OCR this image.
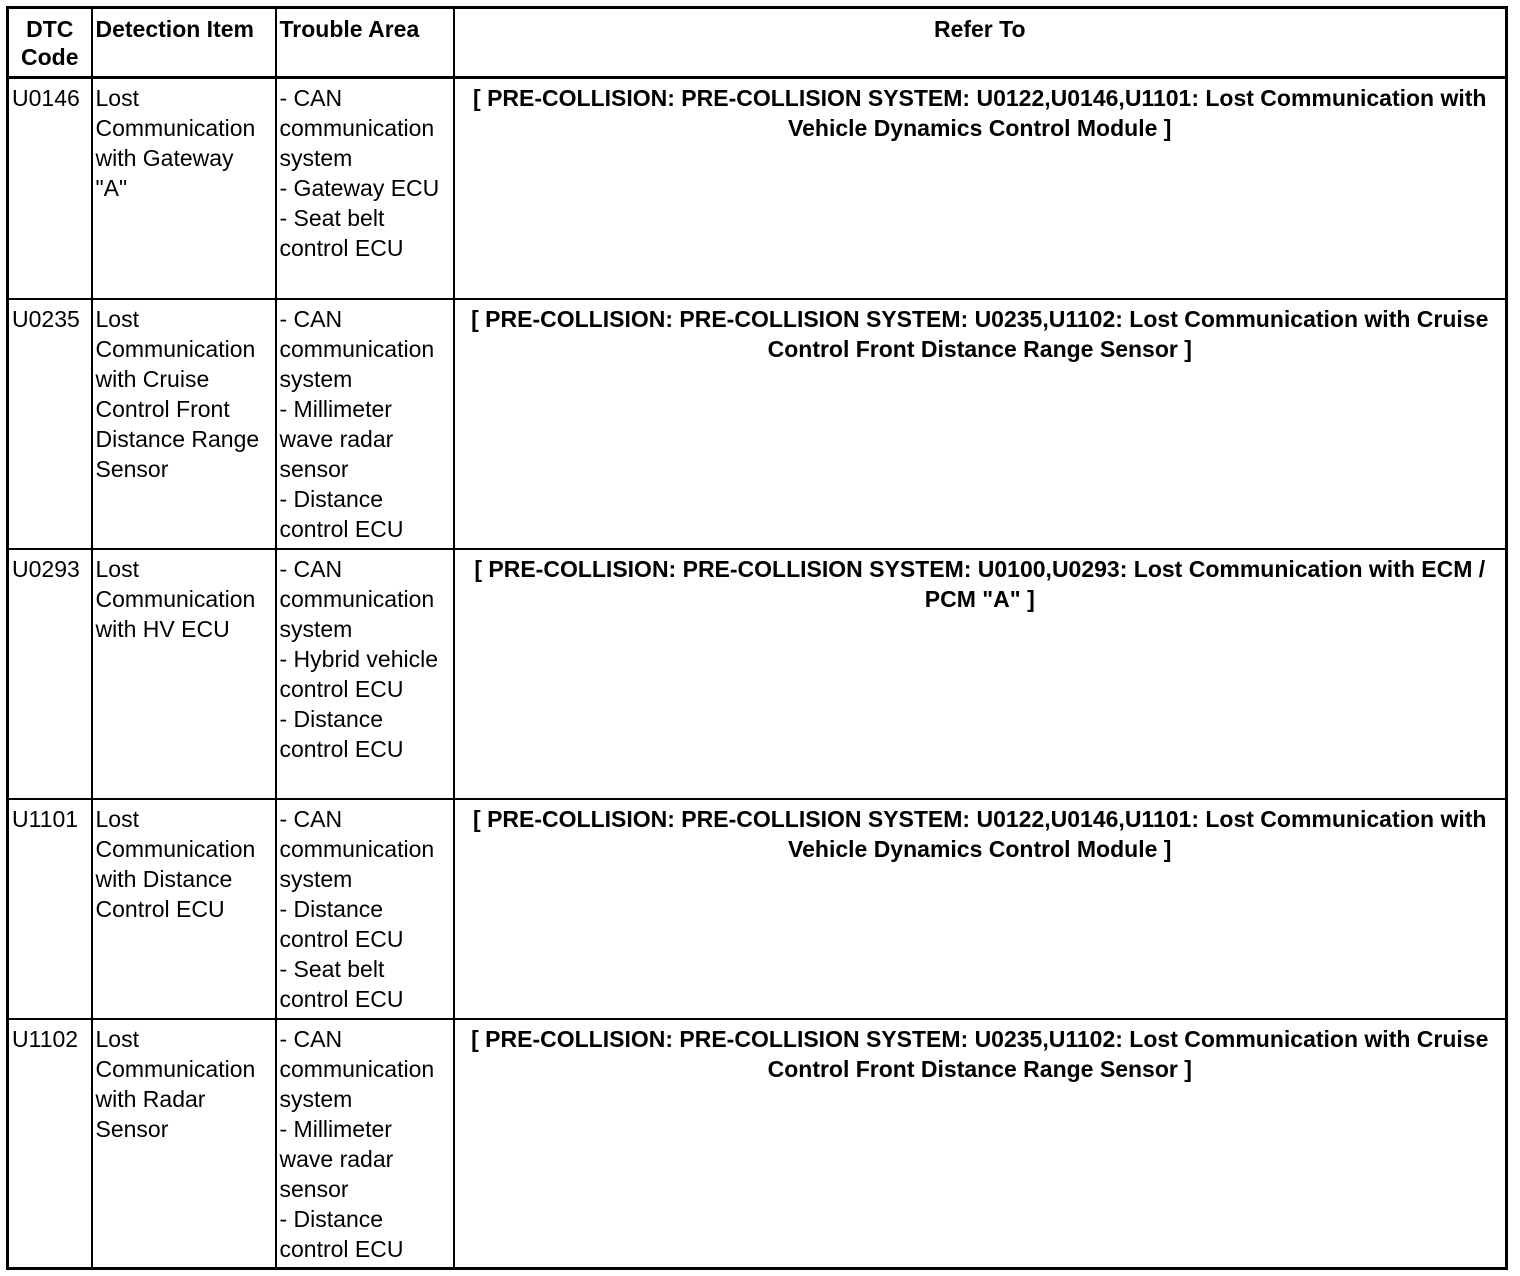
DTC Code	Detection Item	Trouble Area	Refer To
U0146	Lost Communication with Gateway "A"	- CAN communication system
- Gateway ECU
- Seat belt control ECU	[ PRE-COLLISION: PRE-COLLISION SYSTEM: U0122,U0146,U1101: Lost Communication with Vehicle Dynamics Control Module ]
U0235	Lost Communication with Cruise Control Front Distance Range Sensor	- CAN communication system
- Millimeter wave radar sensor
- Distance control ECU	[ PRE-COLLISION: PRE-COLLISION SYSTEM: U0235,U1102: Lost Communication with Cruise Control Front Distance Range Sensor ]
U0293	Lost Communication with HV ECU	- CAN communication system
- Hybrid vehicle control ECU
- Distance control ECU	[ PRE-COLLISION: PRE-COLLISION SYSTEM: U0100,U0293: Lost Communication with ECM / PCM "A" ]
U1101	Lost Communication with Distance Control ECU	- CAN communication system
- Distance control ECU
- Seat belt control ECU	[ PRE-COLLISION: PRE-COLLISION SYSTEM: U0122,U0146,U1101: Lost Communication with Vehicle Dynamics Control Module ]
U1102	Lost Communication with Radar Sensor	- CAN communication system
- Millimeter wave radar sensor
- Distance control ECU	[ PRE-COLLISION: PRE-COLLISION SYSTEM: U0235,U1102: Lost Communication with Cruise Control Front Distance Range Sensor ]
